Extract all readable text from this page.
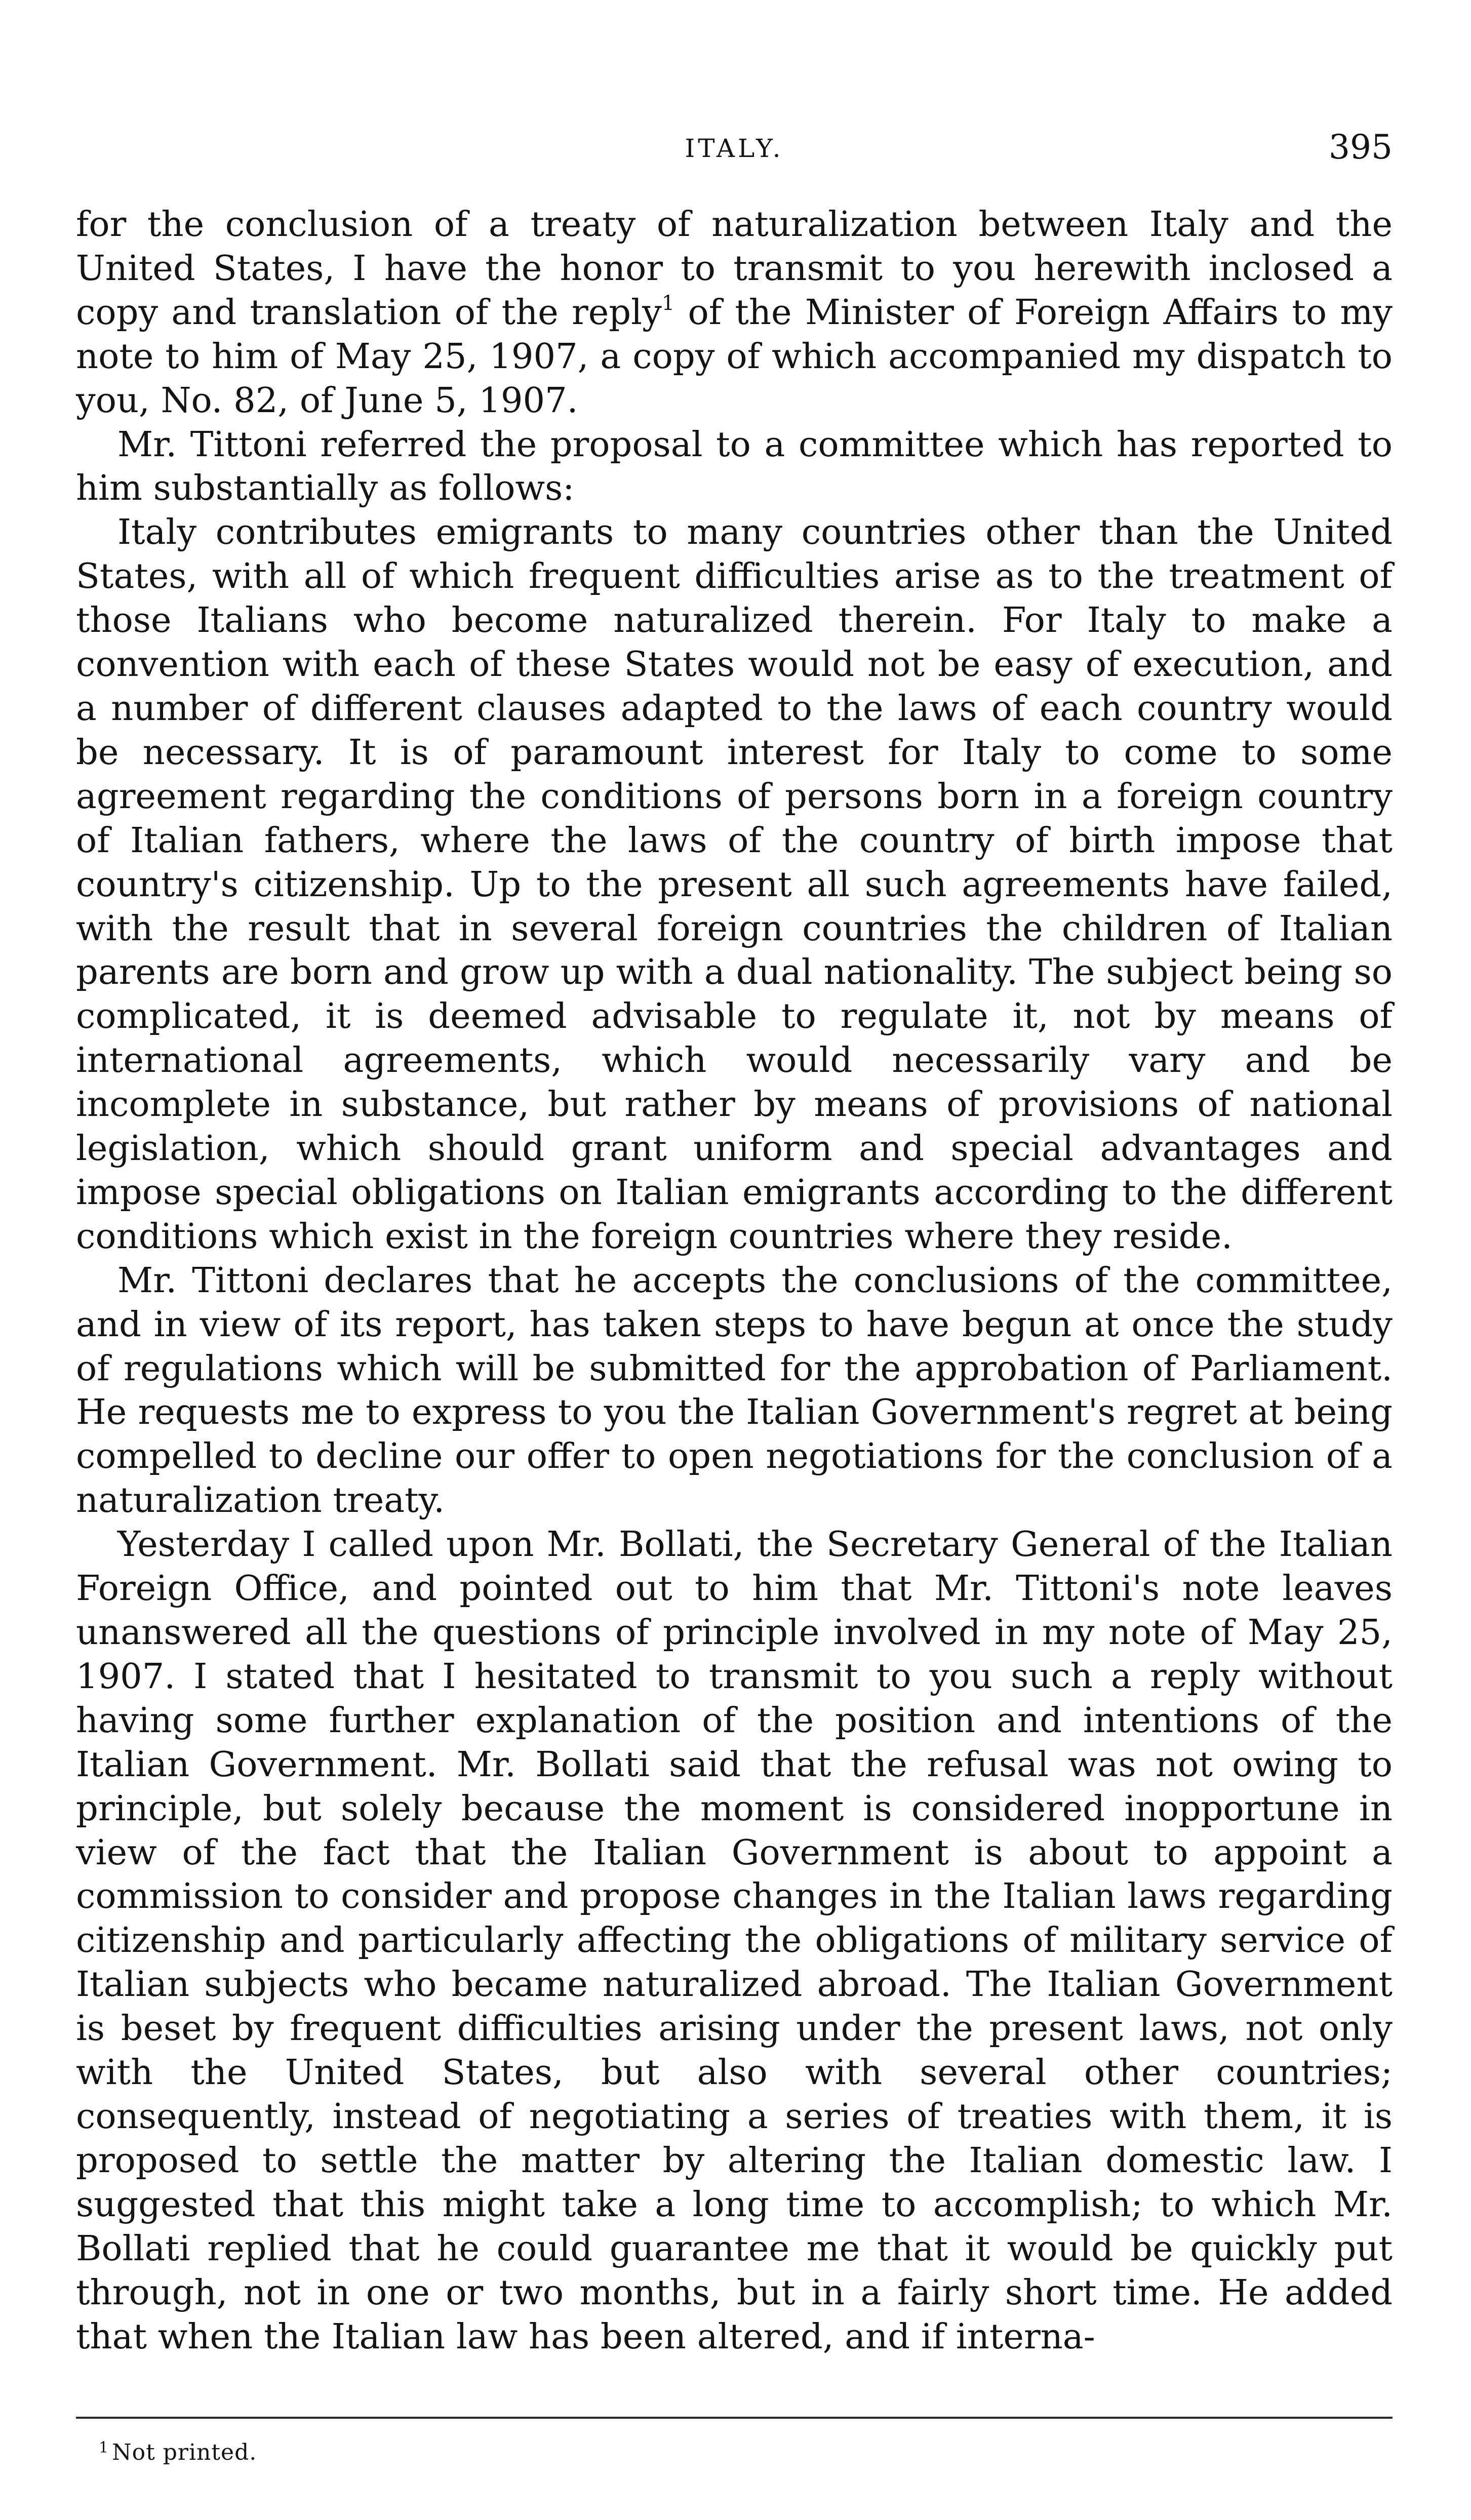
ITALY.	395

for the conclusion of a treaty of naturalization between Italy and the United States, I have the honor to transmit to you herewith inclosed a copy and translation of the reply$^1$ of the Minister of Foreign Affairs to my note to him of May 25, 1907, a copy of which accompanied my dispatch to you, No. 82, of June 5, 1907.

Mr. Tittoni referred the proposal to a committee which has reported to him substantially as follows:

Italy contributes emigrants to many countries other than the United States, with all of which frequent difficulties arise as to the treatment of those Italians who become naturalized therein. For Italy to make a convention with each of these States would not be easy of execution, and a number of different clauses adapted to the laws of each country would be necessary. It is of paramount interest for Italy to come to some agreement regarding the conditions of persons born in a foreign country of Italian fathers, where the laws of the country of birth impose that country's citizenship. Up to the present all such agreements have failed, with the result that in several foreign countries the children of Italian parents are born and grow up with a dual nationality. The subject being so complicated, it is deemed advisable to regulate it, not by means of international agreements, which would necessarily vary and be incomplete in substance, but rather by means of provisions of national legislation, which should grant uniform and special advantages and impose special obligations on Italian emigrants according to the different conditions which exist in the foreign countries where they reside.

Mr. Tittoni declares that he accepts the conclusions of the committee, and in view of its report, has taken steps to have begun at once the study of regulations which will be submitted for the approbation of Parliament. He requests me to express to you the Italian Government's regret at being compelled to decline our offer to open negotiations for the conclusion of a naturalization treaty.

Yesterday I called upon Mr. Bollati, the Secretary General of the Italian Foreign Office, and pointed out to him that Mr. Tittoni's note leaves unanswered all the questions of principle involved in my note of May 25, 1907. I stated that I hesitated to transmit to you such a reply without having some further explanation of the position and intentions of the Italian Government. Mr. Bollati said that the refusal was not owing to principle, but solely because the moment is considered inopportune in view of the fact that the Italian Government is about to appoint a commission to consider and propose changes in the Italian laws regarding citizenship and particularly affecting the obligations of military service of Italian subjects who became naturalized abroad. The Italian Government is beset by frequent difficulties arising under the present laws, not only with the United States, but also with several other countries; consequently, instead of negotiating a series of treaties with them, it is proposed to settle the matter by altering the Italian domestic law. I suggested that this might take a long time to accomplish; to which Mr. Bollati replied that he could guarantee me that it would be quickly put through, not in one or two months, but in a fairly short time. He added that when the Italian law has been altered, and if interna-

$^1$ Not printed.
